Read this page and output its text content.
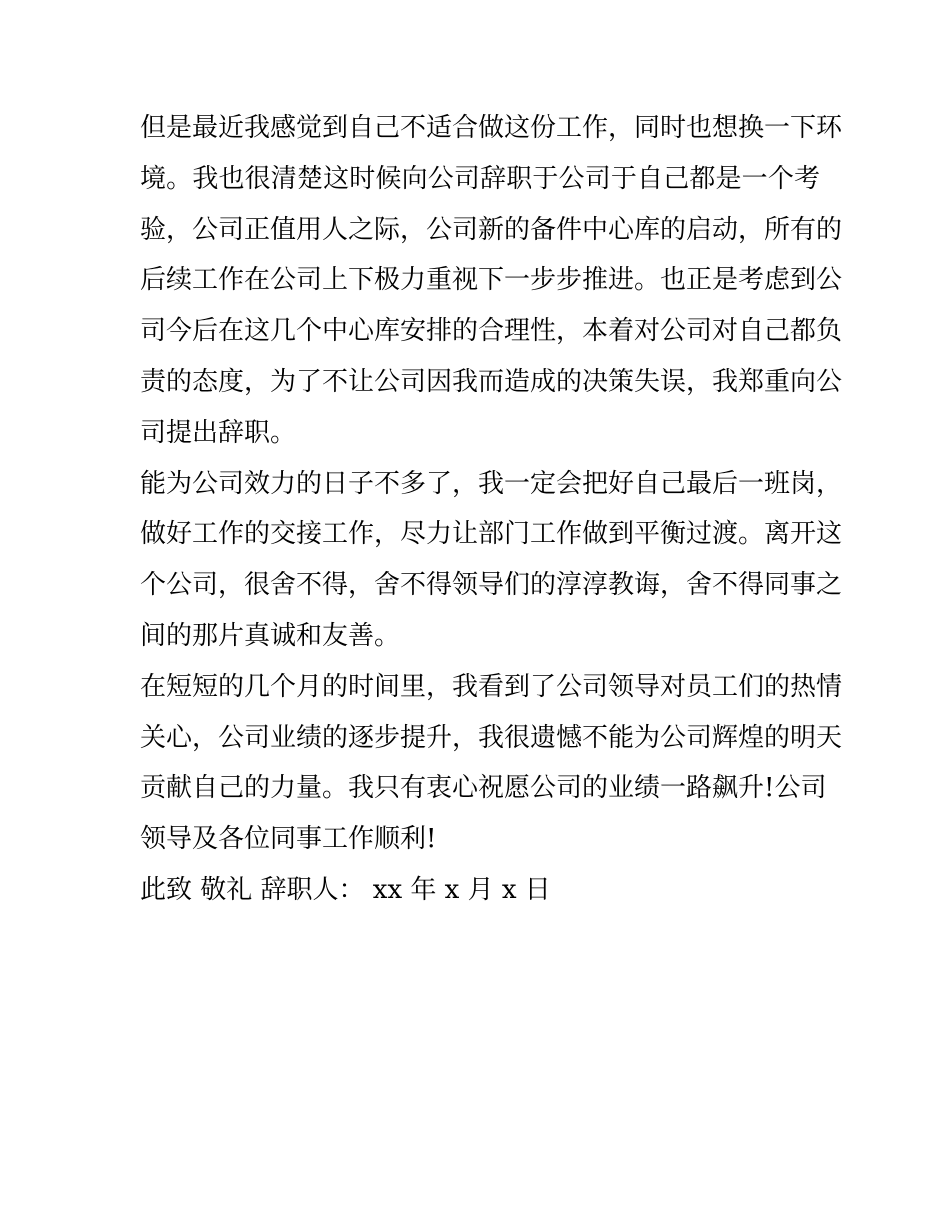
但是最近我感觉到自己不适合做这份工作，同时也想换一下环
境。我也很清楚这时候向公司辞职于公司于自己都是一个考
验，公司正值用人之际，公司新的备件中心库的启动，所有的
后续工作在公司上下极力重视下一步步推进。也正是考虑到公
司今后在这几个中心库安排的合理性，本着对公司对自己都负
责的态度，为了不让公司因我而造成的决策失误，我郑重向公
司提出辞职。
能为公司效力的日子不多了，我一定会把好自己最后一班岗，
做好工作的交接工作，尽力让部门工作做到平衡过渡。离开这
个公司，很舍不得，舍不得领导们的淳淳教诲，舍不得同事之
间的那片真诚和友善。
在短短的几个月的时间里，我看到了公司领导对员工们的热情
关心，公司业绩的逐步提升，我很遗憾不能为公司辉煌的明天
贡献自己的力量。我只有衷心祝愿公司的业绩一路飙升!公司
领导及各位同事工作顺利!
此致 敬礼 辞职人： xx 年 x 月 x 日
